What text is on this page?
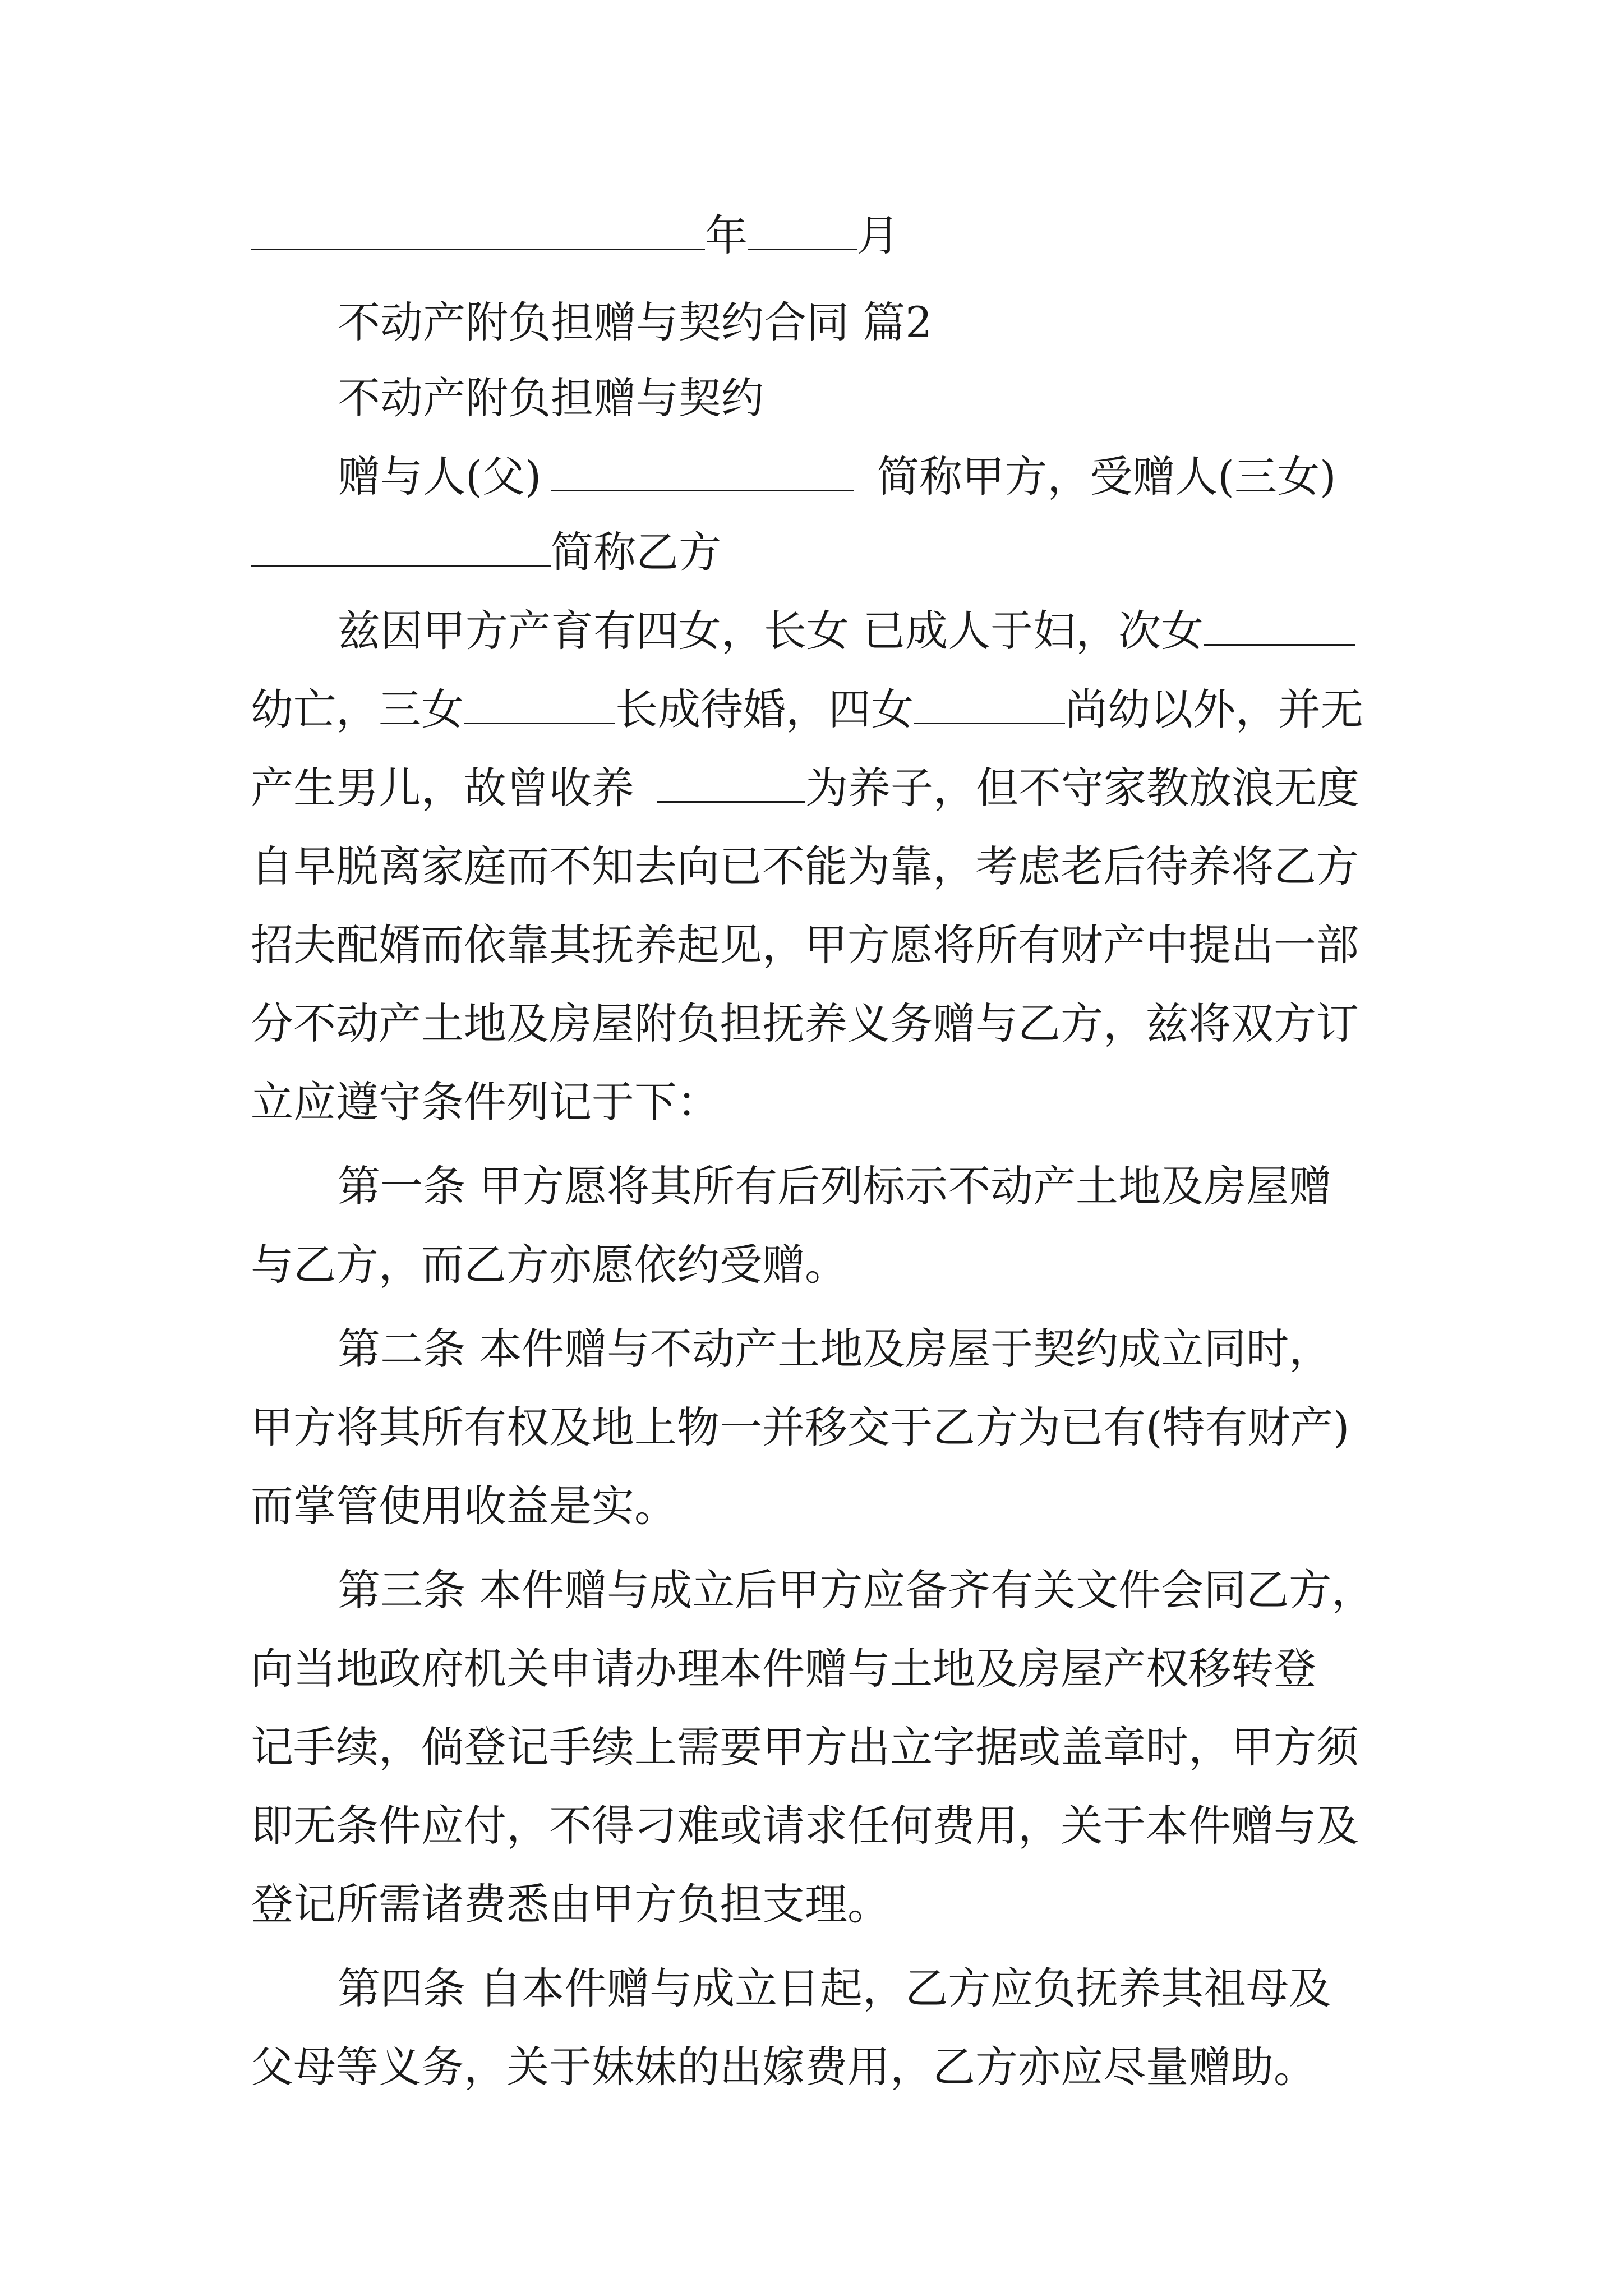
年	月
不动产附负担赠与契约合同 篇2
不动产附负担赠与契约
赠与人(父)	简称甲方，受赠人(三女)
简称乙方
兹因甲方产育有四女，长女 已成人于妇，次女
幼亡，三女	长成待婚，四女	尚幼以外，并无
产生男儿，故曾收养	为养子，但不守家教放浪无度
自早脱离家庭而不知去向已不能为靠，考虑老后待养将乙方
招夫配婿而依靠其抚养起见，甲方愿将所有财产中提出一部
分不动产土地及房屋附负担抚养义务赠与乙方，兹将双方订
立应遵守条件列记于下：
第一条 甲方愿将其所有后列标示不动产土地及房屋赠
与乙方，而乙方亦愿依约受赠。
第二条 本件赠与不动产土地及房屋于契约成立同时，
甲方将其所有权及地上物一并移交于乙方为已有(特有财产)
而掌管使用收益是实。
第三条 本件赠与成立后甲方应备齐有关文件会同乙方，
向当地政府机关申请办理本件赠与土地及房屋产权移转登
记手续，倘登记手续上需要甲方出立字据或盖章时，甲方须
即无条件应付，不得刁难或请求任何费用，关于本件赠与及
登记所需诸费悉由甲方负担支理。
第四条 自本件赠与成立日起，乙方应负抚养其祖母及
父母等义务，关于妹妹的出嫁费用，乙方亦应尽量赠助。
